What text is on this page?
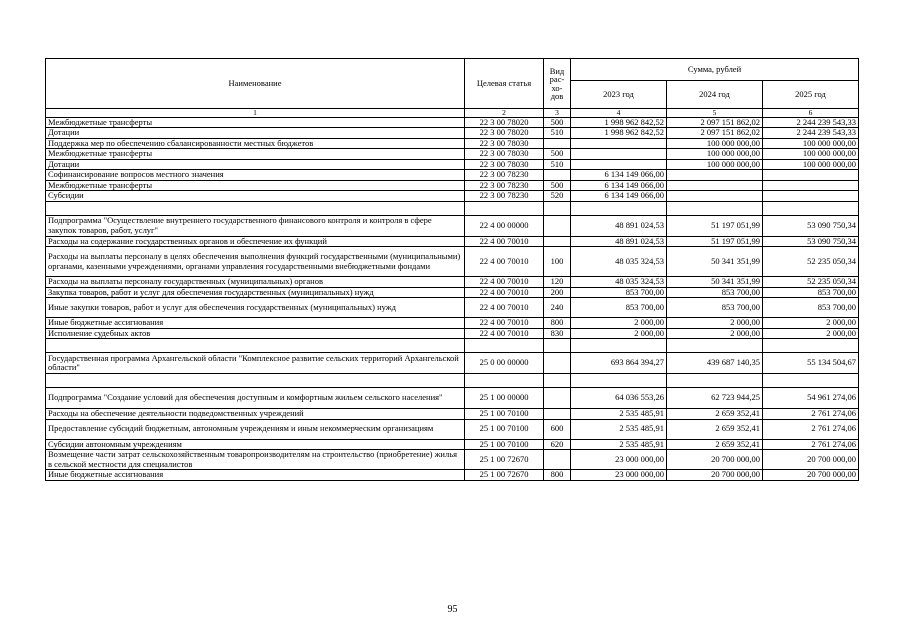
Наименование	Целевая статья	Вид рас-хо-дов	Сумма, рублей		
			2023 год	2024 год	2025 год
1	2	3	4	5	6
Межбюджетные трансферты	22 3 00 78020	500	1 998 962 842,52	2 097 151 862,02	2 244 239 543,33
Дотации	22 3 00 78020	510	1 998 962 842,52	2 097 151 862,02	2 244 239 543,33
Поддержка мер по обеспечению сбалансированности местных бюджетов	22 3 00 78030			100 000 000,00	100 000 000,00
Межбюджетные трансферты	22 3 00 78030	500		100 000 000,00	100 000 000,00
Дотации	22 3 00 78030	510		100 000 000,00	100 000 000,00
Софинансирование вопросов местного значения	22 3 00 78230		6 134 149 066,00		
Межбюджетные трансферты	22 3 00 78230	500	6 134 149 066,00		
Субсидии	22 3 00 78230	520	6 134 149 066,00		

Подпрограмма "Осуществление внутреннего государственного финансового контроля и контроля в сфере закупок товаров, работ, услуг"	22 4 00 00000		48 891 024,53	51 197 051,99	53 090 750,34
Расходы на содержание государственных органов и обеспечение их функций	22 4 00 70010		48 891 024,53	51 197 051,99	53 090 750,34
Расходы на выплаты персоналу в целях обеспечения выполнения функций государственными (муниципальными) органами, казенными учреждениями, органами управления государственными внебюджетными фондами	22 4 00 70010	100	48 035 324,53	50 341 351,99	52 235 050,34
Расходы на выплаты персоналу государственных (муниципальных) органов	22 4 00 70010	120	48 035 324,53	50 341 351,99	52 235 050,34
Закупка товаров, работ и услуг для обеспечения государственных (муниципальных) нужд	22 4 00 70010	200	853 700,00	853 700,00	853 700,00
Иные закупки товаров, работ и услуг для обеспечения государственных (муниципальных) нужд	22 4 00 70010	240	853 700,00	853 700,00	853 700,00
Иные бюджетные ассигнования	22 4 00 70010	800	2 000,00	2 000,00	2 000,00
Исполнение судебных актов	22 4 00 70010	830	2 000,00	2 000,00	2 000,00

Государственная программа Архангельской области "Комплексное развитие сельских территорий Архангельской области"	25 0 00 00000		693 864 394,27	439 687 140,35	55 134 504,67

Подпрограмма "Создание условий для обеспечения доступным и комфортным жильем сельского населения"	25 1 00 00000		64 036 553,26	62 723 944,25	54 961 274,06
Расходы на обеспечение деятельности подведомственных учреждений	25 1 00 70100		2 535 485,91	2 659 352,41	2 761 274,06
Предоставление субсидий бюджетным, автономным учреждениям и иным некоммерческим организациям	25 1 00 70100	600	2 535 485,91	2 659 352,41	2 761 274,06
Субсидии автономным учреждениям	25 1 00 70100	620	2 535 485,91	2 659 352,41	2 761 274,06
Возмещение части затрат сельскохозяйственным товаропроизводителям на строительство (приобретение) жилья в сельской местности для специалистов	25 1 00 72670		23 000 000,00	20 700 000,00	20 700 000,00
Иные бюджетные ассигнования	25 1 00 72670	800	23 000 000,00	20 700 000,00	20 700 000,00
95
